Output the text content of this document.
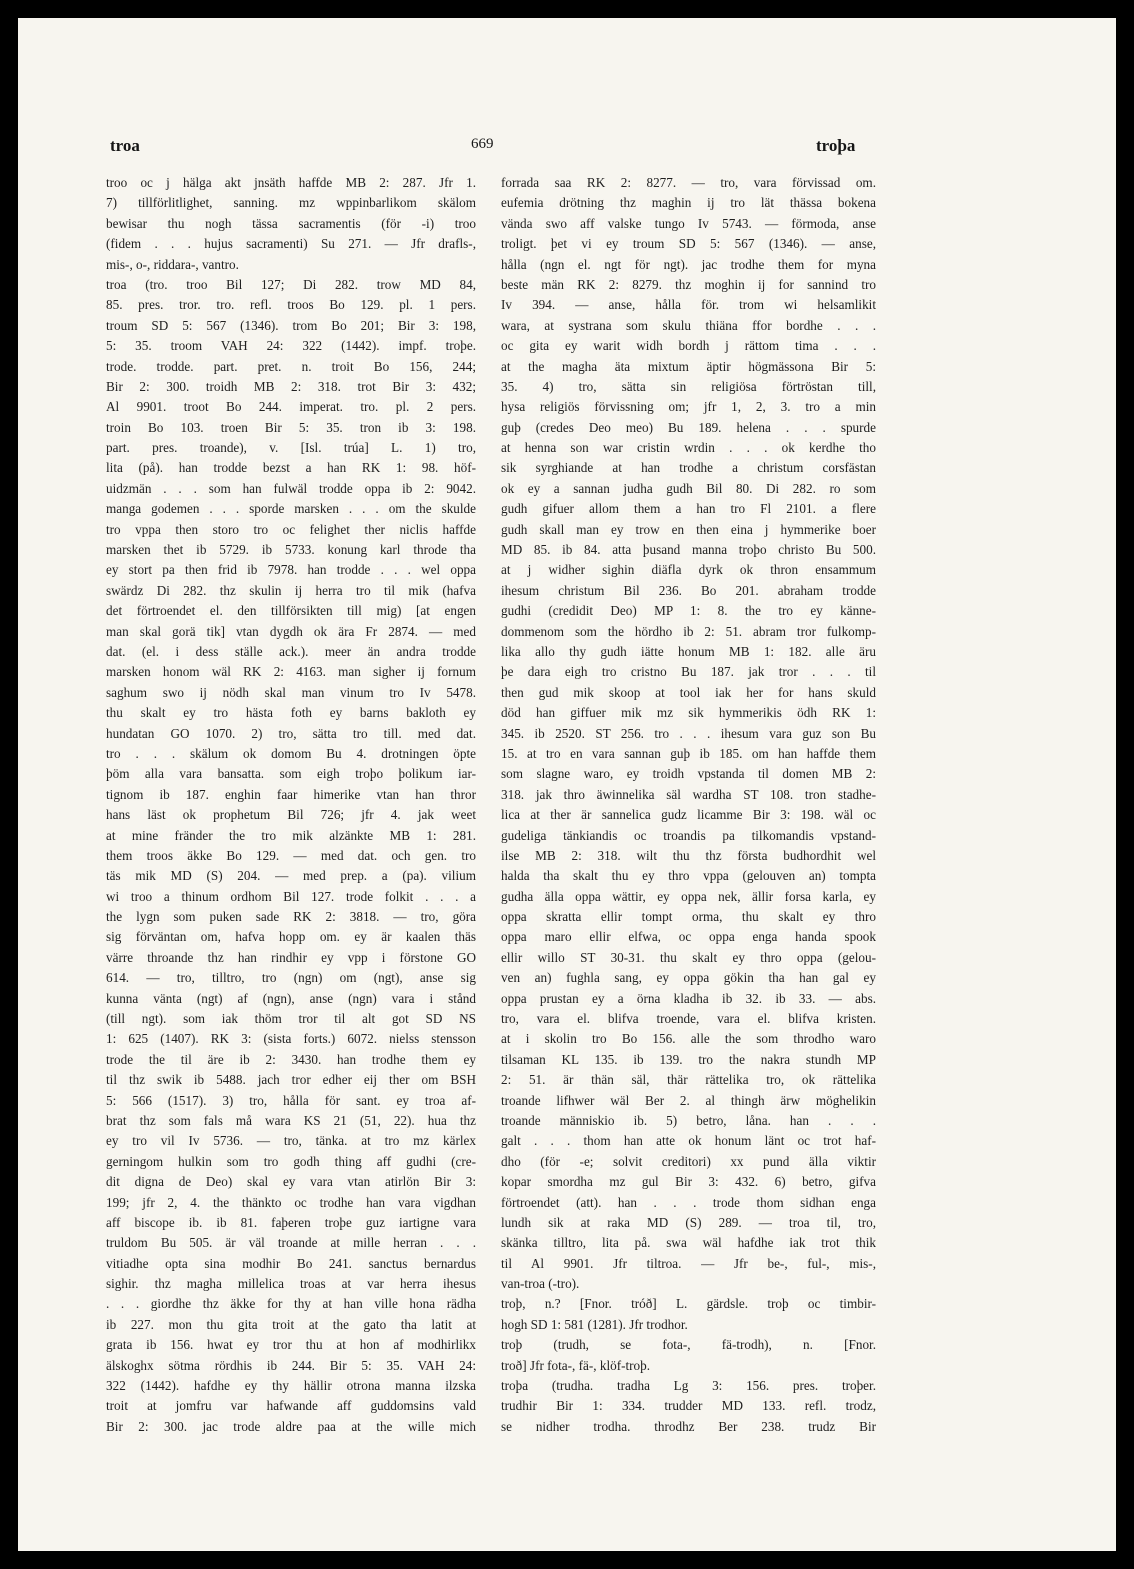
troa	669	troþa
troo oc j hälga akt jnsäth haffde MB 2: 287. Jfr 1.
7) tillförlitlighet, sanning. mz wppinbarlikom skälom
bewisar thu nogh tässa sacramentis (för -i) troo
(fidem . . . hujus sacramenti) Su 271. — Jfr drafls-,
mis-, o-, riddara-, vantro.
troa (tro. troo Bil 127; Di 282. trow MD 84,
85. pres. tror. tro. refl. troos Bo 129. pl. 1 pers.
troum SD 5: 567 (1346). trom Bo 201; Bir 3: 198,
5: 35. troom VAH 24: 322 (1442). impf. troþe.
trode. trodde. part. pret. n. troit Bo 156, 244;
Bir 2: 300. troidh MB 2: 318. trot Bir 3: 432;
Al 9901. troot Bo 244. imperat. tro. pl. 2 pers.
troin Bo 103. troen Bir 5: 35. tron ib 3: 198.
part. pres. troande), v. [Isl. trúa] L. 1) tro,
lita (på). han trodde bezst a han RK 1: 98. höf-
uidzmän . . . som han fulwäl trodde oppa ib 2: 9042.
manga godemen . . . sporde marsken . . . om the skulde
tro vppa then storo tro oc felighet ther niclis haffde
marsken thet ib 5729. ib 5733. konung karl throde tha
ey stort pa then frid ib 7978. han trodde . . . wel oppa
swärdz Di 282. thz skulin ij herra tro til mik (hafva
det förtroendet el. den tillförsikten till mig) [at engen
man skal gorä tik] vtan dygdh ok ära Fr 2874. — med
dat. (el. i dess ställe ack.). meer än andra trodde
marsken honom wäl RK 2: 4163. man sigher ij fornum
saghum swo ij nödh skal man vinum tro Iv 5478.
thu skalt ey tro hästa foth ey barns bakloth ey
hundatan GO 1070. 2) tro, sätta tro till. med dat.
tro . . . skälum ok domom Bu 4. drotningen öpte
þöm alla vara bansatta. som eigh troþo þolikum iar-
tignom ib 187. enghin faar himerike vtan han thror
hans läst ok prophetum Bil 726; jfr 4. jak weet
at mine fränder the tro mik alzänkte MB 1: 281.
them troos äkke Bo 129. — med dat. och gen. tro
täs mik MD (S) 204. — med prep. a (pa). vilium
wi troo a thinum ordhom Bil 127. trode folkit . . . a
the lygn som puken sade RK 2: 3818. — tro, göra
sig förväntan om, hafva hopp om. ey är kaalen thäs
värre throande thz han rindhir ey vpp i förstone GO
614. — tro, tilltro, tro (ngn) om (ngt), anse sig
kunna vänta (ngt) af (ngn), anse (ngn) vara i stånd
(till ngt). som iak thöm tror til alt got SD NS
1: 625 (1407). RK 3: (sista forts.) 6072. nielss stensson
trode the til äre ib 2: 3430. han trodhe them ey
til thz swik ib 5488. jach tror edher eij ther om BSH
5: 566 (1517). 3) tro, hålla för sant. ey troa af-
brat thz som fals må wara KS 21 (51, 22). hua thz
ey tro vil Iv 5736. — tro, tänka. at tro mz kärlex
gerningom hulkin som tro godh thing aff gudhi (cre-
dit digna de Deo) skal ey vara vtan atirlön Bir 3:
199; jfr 2, 4. the thänkto oc trodhe han vara vigdhan
aff biscope ib. ib 81. faþeren troþe guz iartigne vara
truldom Bu 505. är väl troande at mille herran . . .
vitiadhe opta sina modhir Bo 241. sanctus bernardus
sighir. thz magha millelica troas at var herra ihesus
. . . giordhe thz äkke for thy at han ville hona rädha
ib 227. mon thu gita troit at the gato tha latit at
grata ib 156. hwat ey tror thu at hon af modhirlikx
älskoghx sötma rördhis ib 244. Bir 5: 35. VAH 24:
322 (1442). hafdhe ey thy hällir otrona manna ilzska
troit at jomfru var hafwande aff guddomsins vald
Bir 2: 300. jac trode aldre paa at the wille mich
forrada saa RK 2: 8277. — tro, vara förvissad om.
eufemia drötning thz maghin ij tro lät thässa bokena
vända swo aff valske tungo Iv 5743. — förmoda, anse
troligt. þet vi ey troum SD 5: 567 (1346). — anse,
hålla (ngn el. ngt för ngt). jac trodhe them for myna
beste män RK 2: 8279. thz moghin ij for sannind tro
Iv 394. — anse, hålla för. trom wi helsamlikit
wara, at systrana som skulu thiäna ffor bordhe . . .
oc gita ey warit widh bordh j rättom tima . . .
at the magha äta mixtum äptir högmässona Bir 5:
35. 4) tro, sätta sin religiösa förtröstan till,
hysa religiös förvissning om; jfr 1, 2, 3. tro a min
guþ (credes Deo meo) Bu 189. helena . . . spurde
at henna son war cristin wrdin . . . ok kerdhe tho
sik syrghiande at han trodhe a christum corsfästan
ok ey a sannan judha gudh Bil 80. Di 282. ro som
gudh gifuer allom them a han tro Fl 2101. a flere
gudh skall man ey trow en then eina j hymmerike boer
MD 85. ib 84. atta þusand manna troþo christo Bu 500.
at j widher sighin diäfla dyrk ok thron ensammum
ihesum christum Bil 236. Bo 201. abraham trodde
gudhi (credidit Deo) MP 1: 8. the tro ey känne-
dommenom som the hördho ib 2: 51. abram tror fulkomp-
lika allo thy gudh iätte honum MB 1: 182. alle äru
þe dara eigh tro cristno Bu 187. jak tror . . . til
then gud mik skoop at tool iak her for hans skuld
död han giffuer mik mz sik hymmerikis ödh RK 1:
345. ib 2520. ST 256. tro . . . ihesum vara guz son Bu
15. at tro en vara sannan guþ ib 185. om han haffde them
som slagne waro, ey troidh vpstanda til domen MB 2:
318. jak thro äwinnelika säl wardha ST 108. tron stadhe-
lica at ther är sannelica gudz licamme Bir 3: 198. wäl oc
gudeliga tänkiandis oc troandis pa tilkomandis vpstand-
ilse MB 2: 318. wilt thu thz första budhordhit wel
halda tha skalt thu ey thro vppa (gelouven an) tompta
gudha älla oppa wättir, ey oppa nek, ällir forsa karla, ey
oppa skratta ellir tompt orma, thu skalt ey thro
oppa maro ellir elfwa, oc oppa enga handa spook
ellir willo ST 30-31. thu skalt ey thro oppa (gelou-
ven an) fughla sang, ey oppa gökin tha han gal ey
oppa prustan ey a örna kladha ib 32. ib 33. — abs.
tro, vara el. blifva troende, vara el. blifva kristen.
at i skolin tro Bo 156. alle the som throdho waro
tilsaman KL 135. ib 139. tro the nakra stundh MP
2: 51. är thän säl, thär rättelika tro, ok rättelika
troande lifhwer wäl Ber 2. al thingh ärw möghelikin
troande människio ib. 5) betro, låna. han . . .
galt . . . thom han atte ok honum länt oc trot haf-
dho (för -e; solvit creditori) xx pund älla viktir
kopar smordha mz gul Bir 3: 432. 6) betro, gifva
förtroendet (att). han . . . trode thom sidhan enga
lundh sik at raka MD (S) 289. — troa til, tro,
skänka tilltro, lita på. swa wäl hafdhe iak trot thik
til Al 9901. Jfr tiltroa. — Jfr be-, ful-, mis-,
van-troa (-tro).
troþ, n.? [Fnor. tróð] L. gärdsle. troþ oc timbir-
hogh SD 1: 581 (1281). Jfr trodhor.
troþ (trudh, se fota-, fä-trodh), n. [Fnor.
troð] Jfr fota-, fä-, klöf-troþ.
troþa (trudha. tradha Lg 3: 156. pres. troþer.
trudhir Bir 1: 334. trudder MD 133. refl. trodz,
se nidher trodha. throdhz Ber 238. trudz Bir
